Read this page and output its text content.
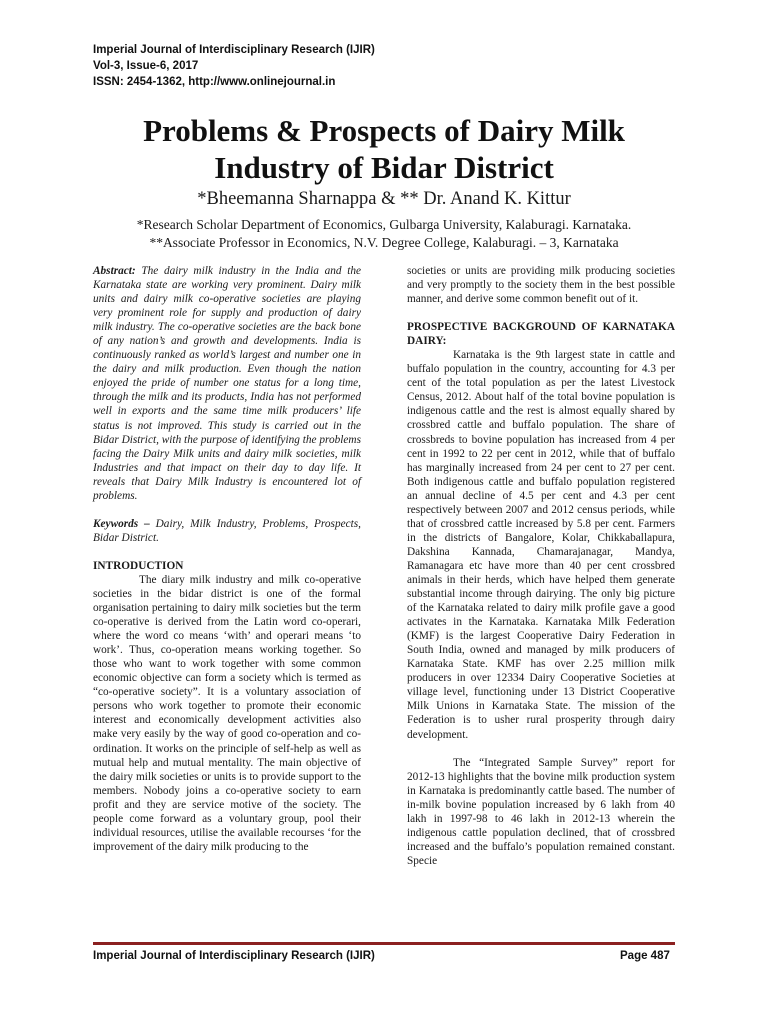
Imperial Journal of Interdisciplinary Research (IJIR)
Vol-3, Issue-6, 2017
ISSN: 2454-1362, http://www.onlinejournal.in
Problems & Prospects of Dairy Milk
Industry of Bidar District
*Bheemanna Sharnappa & ** Dr. Anand K. Kittur
*Research Scholar Department of Economics, Gulbarga University, Kalaburagi. Karnataka.
**Associate Professor in Economics, N.V. Degree College, Kalaburagi. – 3, Karnataka

Abstract: The dairy milk industry in the India and the Karnataka state are working very prominent. Dairy milk units and dairy milk co-operative societies are playing very prominent role for supply and production of dairy milk industry. The co-operative societies are the back bone of any nation’s and growth and developments. India is continuously ranked as world’s largest and number one in the dairy and milk production. Even though the nation enjoyed the pride of number one status for a long time, through the milk and its products, India has not performed well in exports and the same time milk producers’ life status is not improved. This study is carried out in the Bidar District, with the purpose of identifying the problems facing the Dairy Milk units and dairy milk societies, milk Industries and that impact on their day to day life. It reveals that Dairy Milk Industry is encountered lot of problems.

Keywords – Dairy, Milk Industry, Problems, Prospects, Bidar District.

INTRODUCTION

The diary milk industry and milk co-operative societies in the bidar district is one of the formal organisation pertaining to dairy milk societies but the term co-operative is derived from the Latin word co-operari, where the word co means ‘with’ and operari means ‘to work’. Thus, co-operation means working together. So those who want to work together with some common economic objective can form a society which is termed as “co-operative society”. It is a voluntary association of persons who work together to promote their economic interest and economically development activities also make very easily by the way of good co-operation and co-ordination. It works on the principle of self-help as well as mutual help and mutual mentality. The main objective of the dairy milk societies or units is to provide support to the members. Nobody joins a co-operative society to earn profit and they are service motive of the society. The people come forward as a voluntary group, pool their individual resources, utilise the available recourses ‘for the improvement of the dairy milk producing to the

societies or units are providing milk producing societies and very promptly to the society them in the best possible manner, and derive some common benefit out of it.

PROSPECTIVE BACKGROUND OF KARNATAKA DAIRY:

Karnataka is the 9th largest state in cattle and buffalo population in the country, accounting for 4.3 per cent of the total population as per the latest Livestock Census, 2012. About half of the total bovine population is indigenous cattle and the rest is almost equally shared by crossbred cattle and buffalo population. The share of crossbreds to bovine population has increased from 4 per cent in 1992 to 22 per cent in 2012, while that of buffalo has marginally increased from 24 per cent to 27 per cent. Both indigenous cattle and buffalo population registered an annual decline of 4.5 per cent and 4.3 per cent respectively between 2007 and 2012 census periods, while that of crossbred cattle increased by 5.8 per cent. Farmers in the districts of Bangalore, Kolar, Chikkaballapura, Dakshina Kannada, Chamarajanagar, Mandya, Ramanagara etc have more than 40 per cent crossbred animals in their herds, which have helped them generate substantial income through dairying. The only big picture of the Karnataka related to dairy milk profile gave a good activates in the Karnataka. Karnataka Milk Federation (KMF) is the largest Cooperative Dairy Federation in South India, owned and managed by milk producers of Karnataka State. KMF has over 2.25 million milk producers in over 12334 Dairy Cooperative Societies at village level, functioning under 13 District Cooperative Milk Unions in Karnataka State. The mission of the Federation is to usher rural prosperity through dairy development.

The “Integrated Sample Survey” report for 2012-13 highlights that the bovine milk production system in Karnataka is predominantly cattle based. The number of in-milk bovine population increased by 6 lakh from 40 lakh in 1997-98 to 46 lakh in 2012-13 wherein the indigenous cattle population declined, that of crossbred increased and the buffalo’s population remained constant. Specie

Imperial Journal of Interdisciplinary Research (IJIR)	Page 487
